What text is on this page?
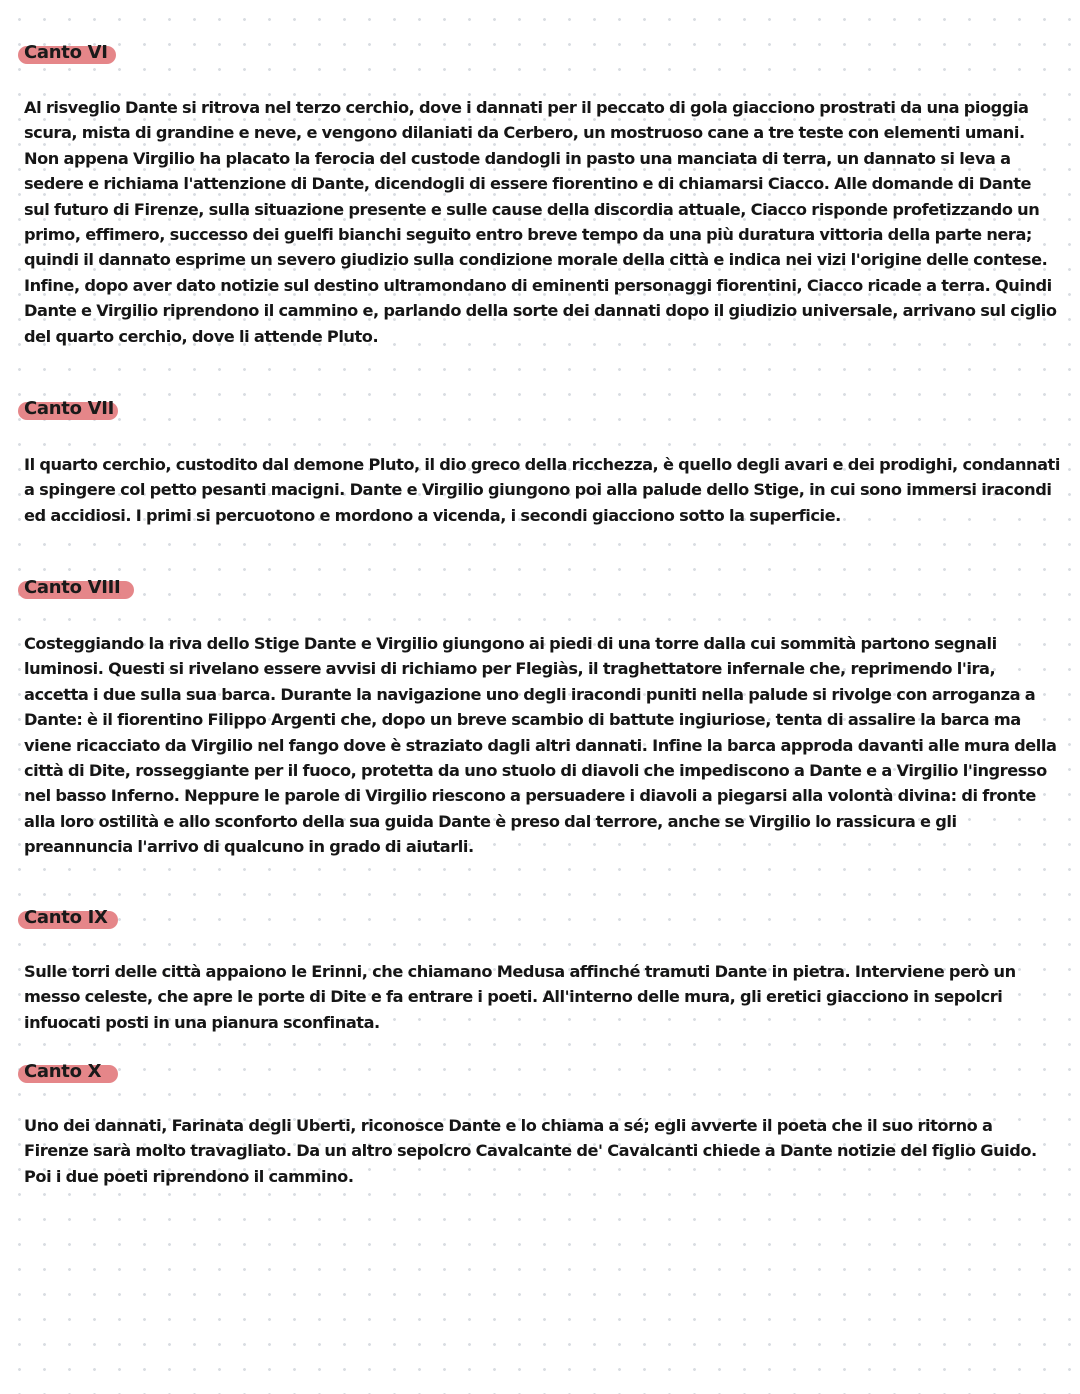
Canto VI

Al risveglio Dante si ritrova nel terzo cerchio, dove i dannati per il peccato di gola giacciono prostrati da una pioggia scura, mista di grandine e neve, e vengono dilaniati da Cerbero, un mostruoso cane a tre teste con elementi umani. Non appena Virgilio ha placato la ferocia del custode dandogli in pasto una manciata di terra, un dannato si leva a sedere e richiama l'attenzione di Dante, dicendogli di essere fiorentino e di chiamarsi Ciacco. Alle domande di Dante sul futuro di Firenze, sulla situazione presente e sulle cause della discordia attuale, Ciacco risponde profetizzando un primo, effimero, successo dei guelfi bianchi seguito entro breve tempo da una più duratura vittoria della parte nera; quindi il dannato esprime un severo giudizio sulla condizione morale della città e indica nei vizi l'origine delle contese. Infine, dopo aver dato notizie sul destino ultramondano di eminenti personaggi fiorentini, Ciacco ricade a terra. Quindi Dante e Virgilio riprendono il cammino e, parlando della sorte dei dannati dopo il giudizio universale, arrivano sul ciglio del quarto cerchio, dove li attende Pluto.

Canto VII

Il quarto cerchio, custodito dal demone Pluto, il dio greco della ricchezza, è quello degli avari e dei prodighi, condannati a spingere col petto pesanti macigni. Dante e Virgilio giungono poi alla palude dello Stige, in cui sono immersi iracondi ed accidiosi. I primi si percuotono e mordono a vicenda, i secondi giacciono sotto la superficie.

Canto VIII

Costeggiando la riva dello Stige Dante e Virgilio giungono ai piedi di una torre dalla cui sommità partono segnali luminosi. Questi si rivelano essere avvisi di richiamo per Flegiàs, il traghettatore infernale che, reprimendo l'ira, accetta i due sulla sua barca. Durante la navigazione uno degli iracondi puniti nella palude si rivolge con arroganza a Dante: è il fiorentino Filippo Argenti che, dopo un breve scambio di battute ingiuriose, tenta di assalire la barca ma viene ricacciato da Virgilio nel fango dove è straziato dagli altri dannati. Infine la barca approda davanti alle mura della città di Dite, rosseggiante per il fuoco, protetta da uno stuolo di diavoli che impediscono a Dante e a Virgilio l'ingresso nel basso Inferno. Neppure le parole di Virgilio riescono a persuadere i diavoli a piegarsi alla volontà divina: di fronte alla loro ostilità e allo sconforto della sua guida Dante è preso dal terrore, anche se Virgilio lo rassicura e gli preannuncia l'arrivo di qualcuno in grado di aiutarli.

Canto IX

Sulle torri delle città appaiono le Erinni, che chiamano Medusa affinché tramuti Dante in pietra. Interviene però un messo celeste, che apre le porte di Dite e fa entrare i poeti. All'interno delle mura, gli eretici giacciono in sepolcri infuocati posti in una pianura sconfinata.

Canto X

Uno dei dannati, Farinata degli Uberti, riconosce Dante e lo chiama a sé; egli avverte il poeta che il suo ritorno a Firenze sarà molto travagliato. Da un altro sepolcro Cavalcante de' Cavalcanti chiede a Dante notizie del figlio Guido. Poi i due poeti riprendono il cammino.
